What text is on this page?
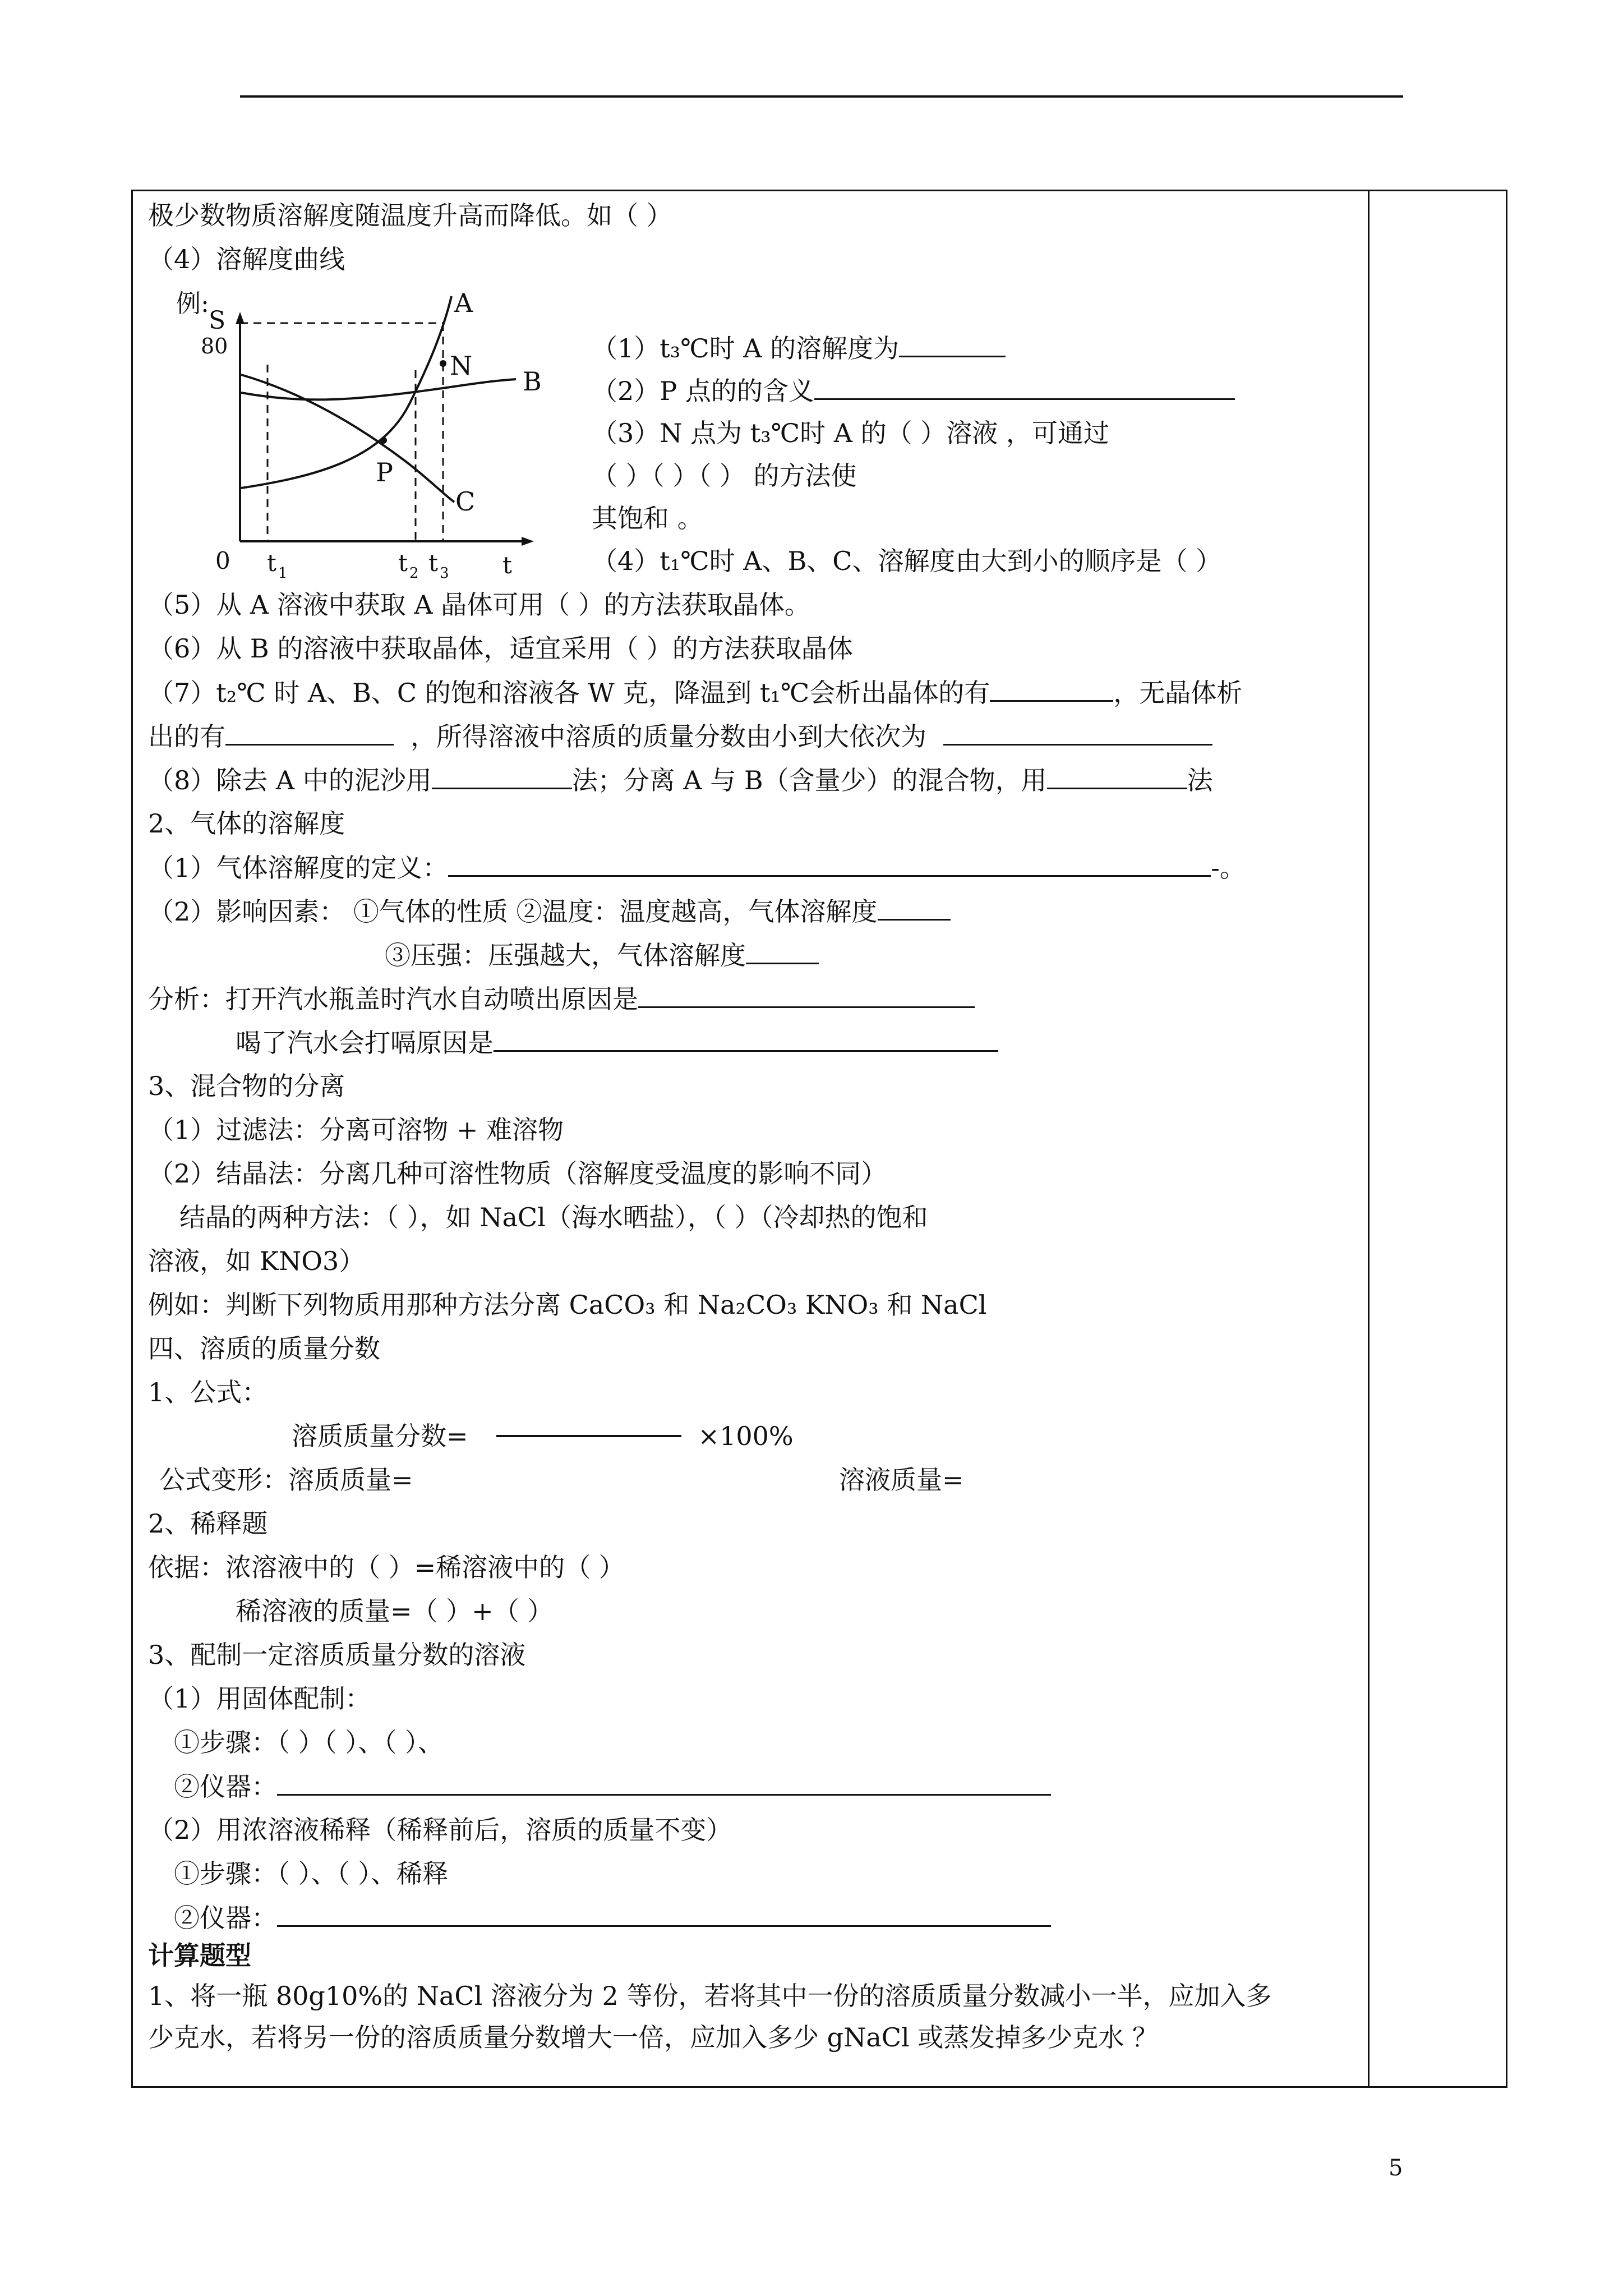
极少数物质溶解度随温度升高而降低。如（ ）
（4）溶解度曲线
例:
S
80
0	t
t 1	t 2 t 3
A
N
B
P
C
（1）t₃℃时 A 的溶解度为
（2）P 点的的含义
（3）N 点为 t₃℃时 A 的（ ）溶液 ，可通过
（ ）（ ）（ ） 的方法使
其饱和 。
（4）t₁℃时 A、B、C、溶解度由大到小的顺序是（ ）
（5）从 A 溶液中获取 A 晶体可用（ ）的方法获取晶体。
（6）从 B 的溶液中获取晶体，适宜采用（ ）的方法获取晶体
（7）t₂℃ 时 A、B、C 的饱和溶液各 W 克，降温到 t₁℃会析出晶体的有	，无晶体析
出的有	，所得溶液中溶质的质量分数由小到大依次为
（8）除去 A 中的泥沙用	法；分离 A 与 B（含量少）的混合物，用	法
2、气体的溶解度
（1）气体溶解度的定义：	-。
（2）影响因素： ①气体的性质 ②温度：温度越高，气体溶解度
③压强：压强越大，气体溶解度
分析：打开汽水瓶盖时汽水自动喷出原因是
喝了汽水会打嗝原因是
3、混合物的分离
（1）过滤法：分离可溶物 + 难溶物
（2）结晶法：分离几种可溶性物质（溶解度受温度的影响不同）
结晶的两种方法：（ ），如 NaCl（海水晒盐），（ ）（冷却热的饱和
溶液，如 KNO3）
例如：判断下列物质用那种方法分离 CaCO₃ 和 Na₂CO₃ KNO₃ 和 NaCl
四、溶质的质量分数
1、公式：
溶质质量分数=	×100%
公式变形：溶质质量=	溶液质量=
2、稀释题
依据：浓溶液中的（ ）=稀溶液中的（ ）
稀溶液的质量=（ ）+（ ）
3、配制一定溶质质量分数的溶液
（1）用固体配制：
①步骤：（ ）（ ）、（ ）、
②仪器：
（2）用浓溶液稀释（稀释前后，溶质的质量不变）
①步骤：（ ）、（ ）、稀释
②仪器：
计算题型
1、将一瓶 80g10%的 NaCl 溶液分为 2 等份，若将其中一份的溶质质量分数减小一半，应加入多
少克水，若将另一份的溶质质量分数增大一倍，应加入多少 gNaCl 或蒸发掉多少克水 ？
5
